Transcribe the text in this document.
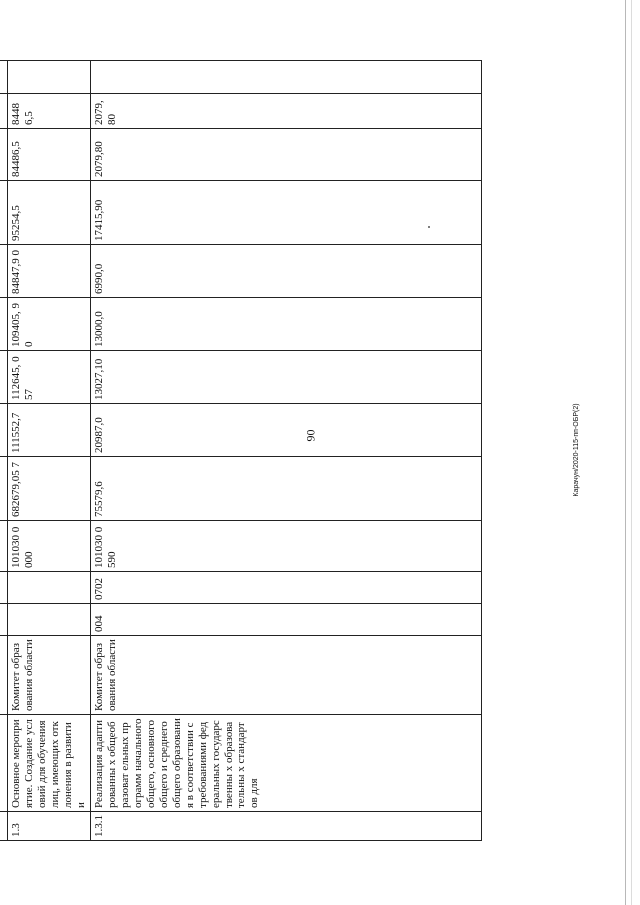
90	Карачун/2020-115-пп-ОБР(2)

1.3	Основное мероприятие. Создание условий для обучения лиц, имеющих отклонения в развитии	Комитет образования области			101030 0000	682679,05 7	111552,7	112645, 057	109405, 90	84847,9 0	95254,5	84486,5	84486,5	
1.3.1	Реализация адаптированны х общеобразоват ельных программ начального общего, основного общего и среднего общего образования в соответствии с требованиями федеральных государственны х образовательны х стандартов для	Комитет образования области	004	0702	101030 0590	75579,6	20987,0	13027,10	13000,0	6990,0	17415,90	2079,80	2079,80	
